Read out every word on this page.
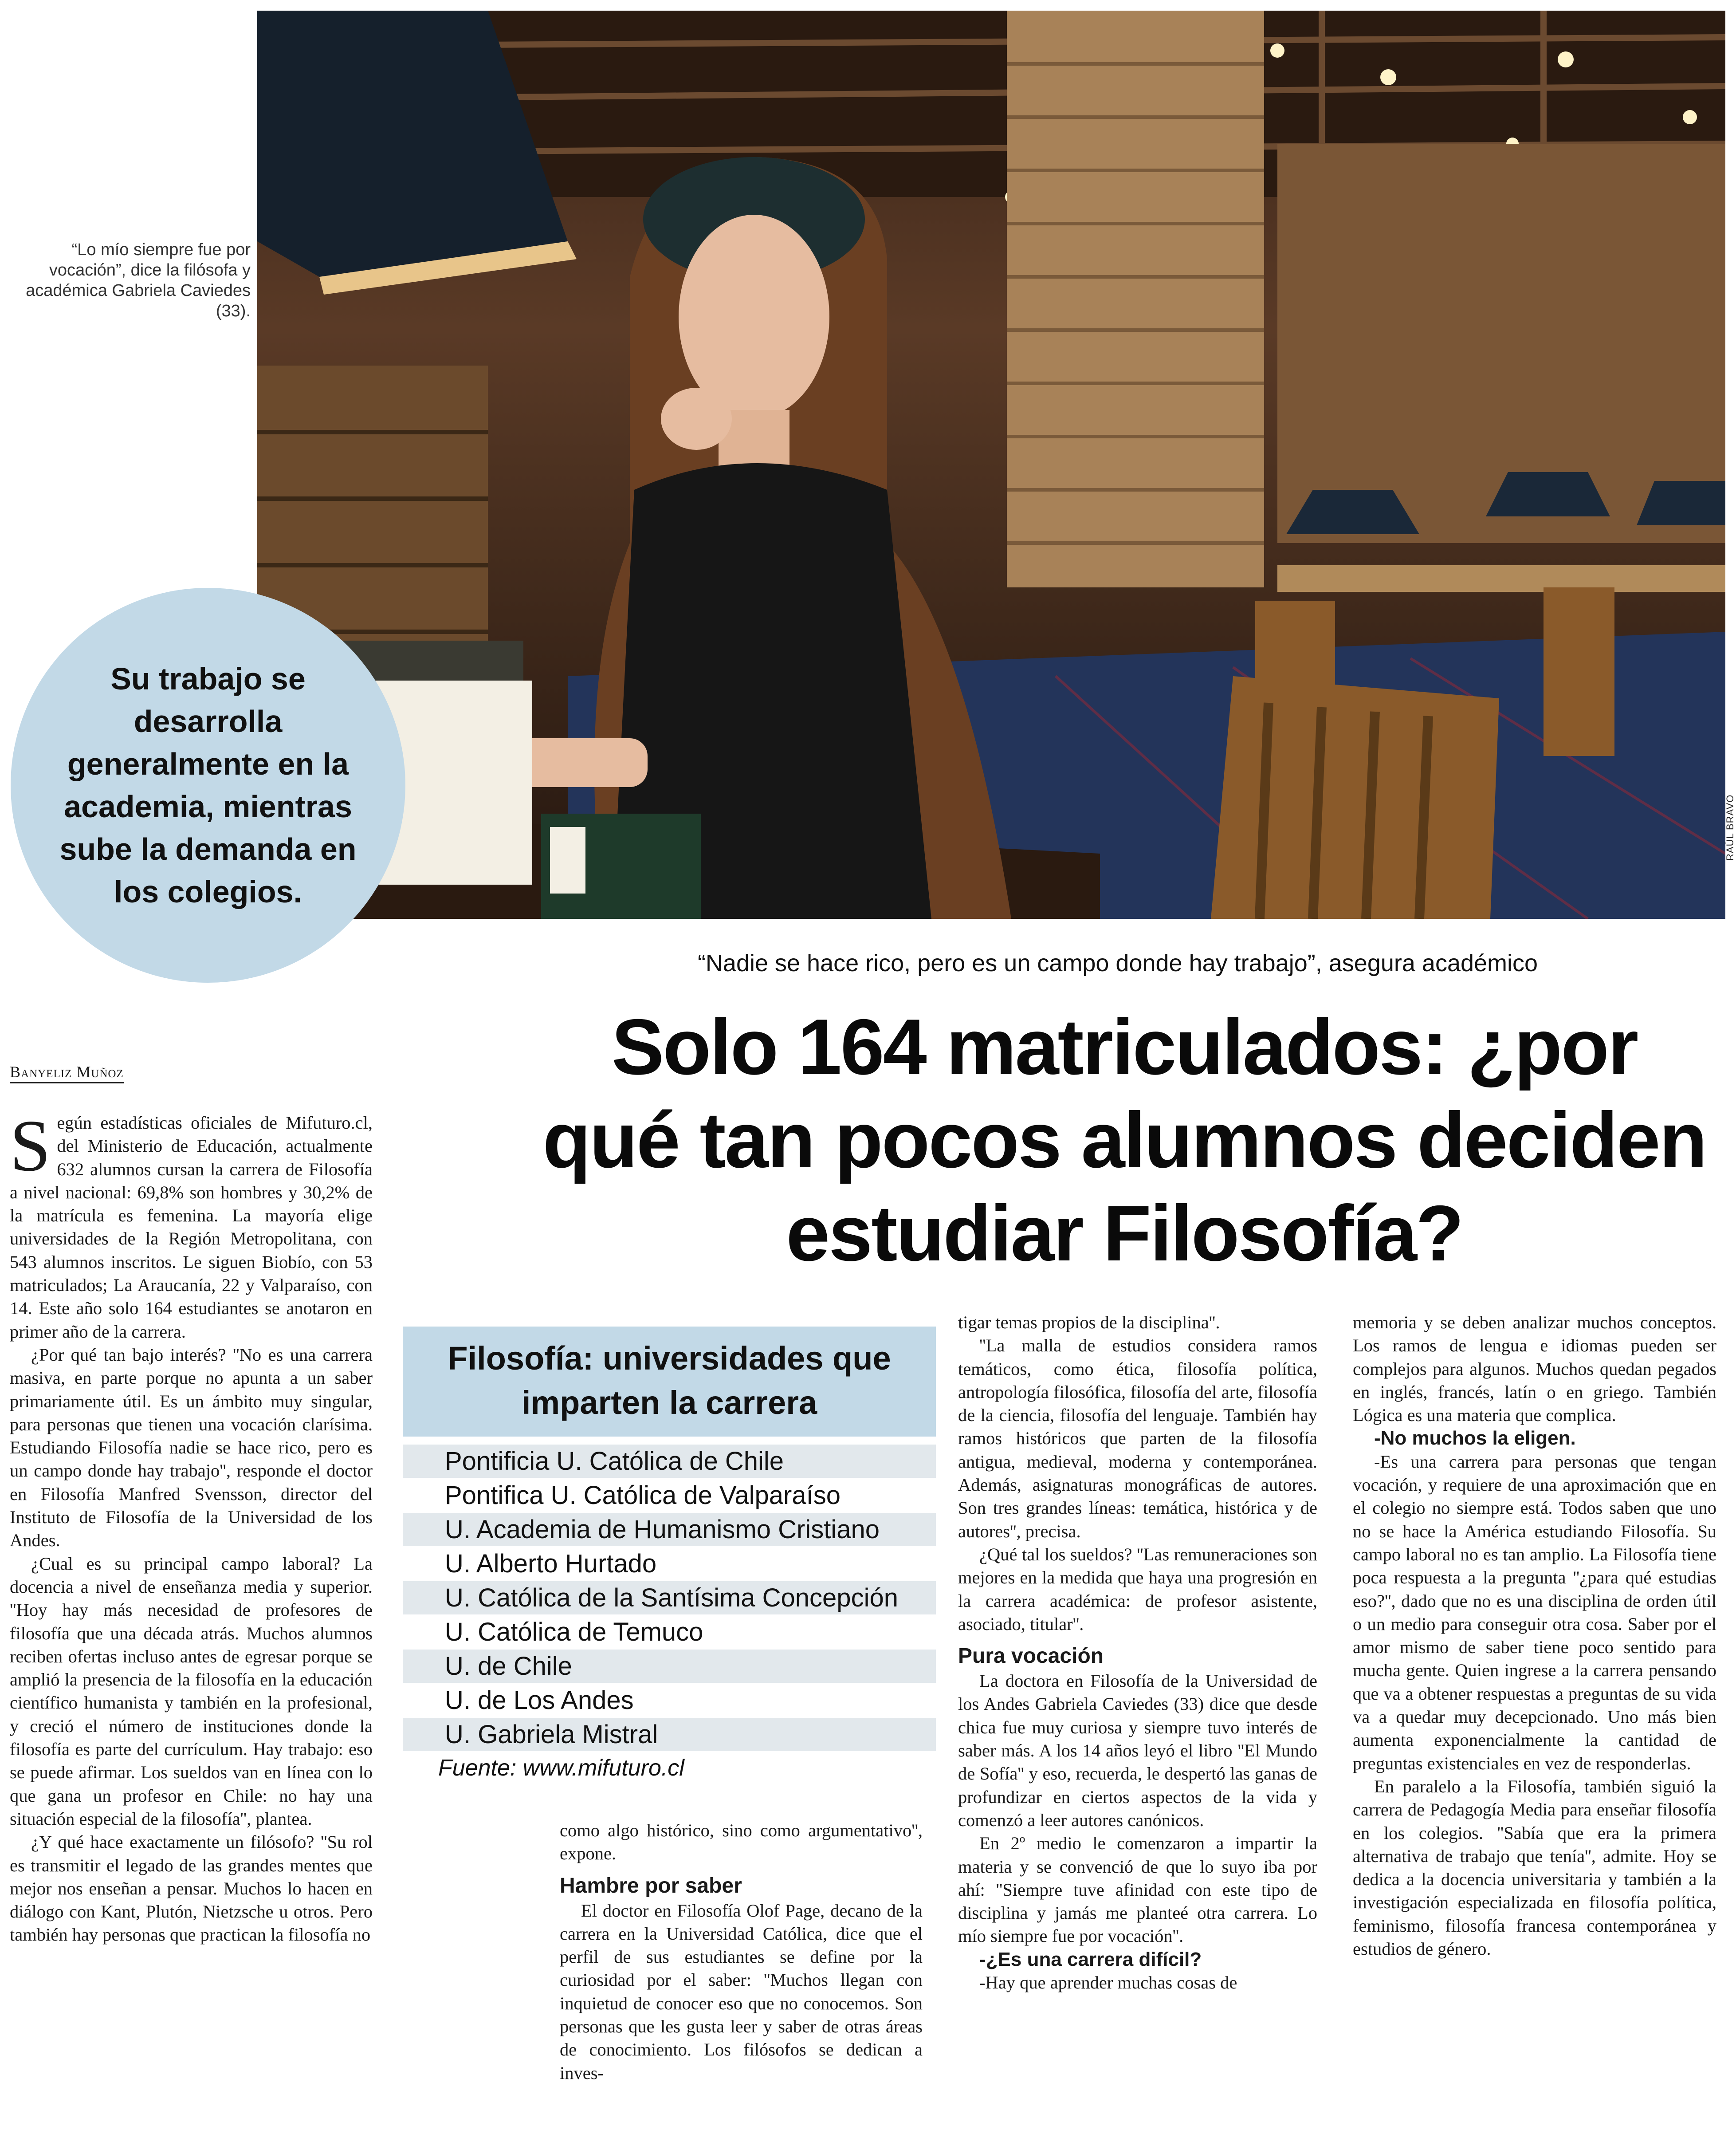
RAÚL BRAVO
“Lo mío siempre fue por vocación”, dice la filósofa y académica Gabriela Caviedes (33).
Su trabajo se desarrolla generalmente en la academia, mientras sube la demanda en los colegios.
“Nadie se hace rico, pero es un campo donde hay trabajo”, asegura académico
Solo 164 matriculados: ¿por qué tan pocos alumnos deciden estudiar Filosofía?
Banyeliz Muñoz

Según estadísticas oficiales de Mifuturo.cl, del Ministerio de Educación, actualmente 632 alumnos cursan la carrera de Filosofía a nivel nacional: 69,8% son hombres y 30,2% de la matrícula es femenina. La mayoría elige universidades de la Región Metropolitana, con 543 alumnos inscritos. Le siguen Biobío, con 53 matriculados; La Araucanía, 22 y Valparaíso, con 14. Este año solo 164 estudiantes se anotaron en primer año de la carrera.

¿Por qué tan bajo interés? ''No es una carrera masiva, en parte porque no apunta a un saber primariamente útil. Es un ámbito muy singular, para personas que tienen una vocación clarísima. Estudiando Filosofía nadie se hace rico, pero es un campo donde hay trabajo'', responde el doctor en Filosofía Manfred Svensson, director del Instituto de Filosofía de la Universidad de los Andes.

¿Cual es su principal campo laboral? La docencia a nivel de enseñanza media y superior. ''Hoy hay más necesidad de profesores de filosofía que una década atrás. Muchos alumnos reciben ofertas incluso antes de egresar porque se amplió la presencia de la filosofía en la educación científico humanista y también en la profesional, y creció el número de instituciones donde la filosofía es parte del currículum. Hay trabajo: eso se puede afirmar. Los sueldos van en línea con lo que gana un profesor en Chile: no hay una situación especial de la filosofía'', plantea.

¿Y qué hace exactamente un filósofo? ''Su rol es transmitir el legado de las grandes mentes que mejor nos enseñan a pensar. Muchos lo hacen en diálogo con Kant, Plutón, Nietzsche u otros. Pero también hay personas que practican la filosofía no

Filosofía: universidades que imparten la carrera
Pontificia U. Católica de Chile
Pontifica U. Católica de Valparaíso
U. Academia de Humanismo Cristiano
U. Alberto Hurtado
U. Católica de la Santísima Concepción
U. Católica de Temuco
U. de Chile
U. de Los Andes
U. Gabriela Mistral
Fuente: www.mifuturo.cl

como algo histórico, sino como argumentativo'', expone.

Hambre por saber

El doctor en Filosofía Olof Page, decano de la carrera en la Universidad Católica, dice que el perfil de sus estudiantes se define por la curiosidad por el saber: ''Muchos llegan con inquietud de conocer eso que no conocemos. Son personas que les gusta leer y saber de otras áreas de conocimiento. Los filósofos se dedican a inves-

tigar temas propios de la disciplina''.

''La malla de estudios considera ramos temáticos, como ética, filosofía política, antropología filosófica, filosofía del arte, filosofía de la ciencia, filosofía del lenguaje. También hay ramos históricos que parten de la filosofía antigua, medieval, moderna y contemporánea. Además, asignaturas monográficas de autores. Son tres grandes líneas: temática, histórica y de autores'', precisa.

¿Qué tal los sueldos? ''Las remuneraciones son mejores en la medida que haya una progresión en la carrera académica: de profesor asistente, asociado, titular''.

Pura vocación

La doctora en Filosofía de la Universidad de los Andes Gabriela Caviedes (33) dice que desde chica fue muy curiosa y siempre tuvo interés de saber más. A los 14 años leyó el libro ''El Mundo de Sofía'' y eso, recuerda, le despertó las ganas de profundizar en ciertos aspectos de la vida y comenzó a leer autores canónicos.

En 2º medio le comenzaron a impartir la materia y se convenció de que lo suyo iba por ahí: ''Siempre tuve afinidad con este tipo de disciplina y jamás me planteé otra carrera. Lo mío siempre fue por vocación''.

-¿Es una carrera difícil?

-Hay que aprender muchas cosas de

memoria y se deben analizar muchos conceptos. Los ramos de lengua e idiomas pueden ser complejos para algunos. Muchos quedan pegados en inglés, francés, latín o en griego. También Lógica es una materia que complica.

-No muchos la eligen.

-Es una carrera para personas que tengan vocación, y requiere de una aproximación que en el colegio no siempre está. Todos saben que uno no se hace la América estudiando Filosofía. Su campo laboral no es tan amplio. La Filosofía tiene poca respuesta a la pregunta ''¿para qué estudias eso?'', dado que no es una disciplina de orden útil o un medio para conseguir otra cosa. Saber por el amor mismo de saber tiene poco sentido para mucha gente. Quien ingrese a la carrera pensando que va a obtener respuestas a preguntas de su vida va a quedar muy decepcionado. Uno más bien aumenta exponencialmente la cantidad de preguntas existenciales en vez de responderlas.

En paralelo a la Filosofía, también siguió la carrera de Pedagogía Media para enseñar filosofía en los colegios. ''Sabía que era la primera alternativa de trabajo que tenía'', admite. Hoy se dedica a la docencia universitaria y también a la investigación especializada en filosofía política, feminismo, filosofía francesa contemporánea y estudios de género.
